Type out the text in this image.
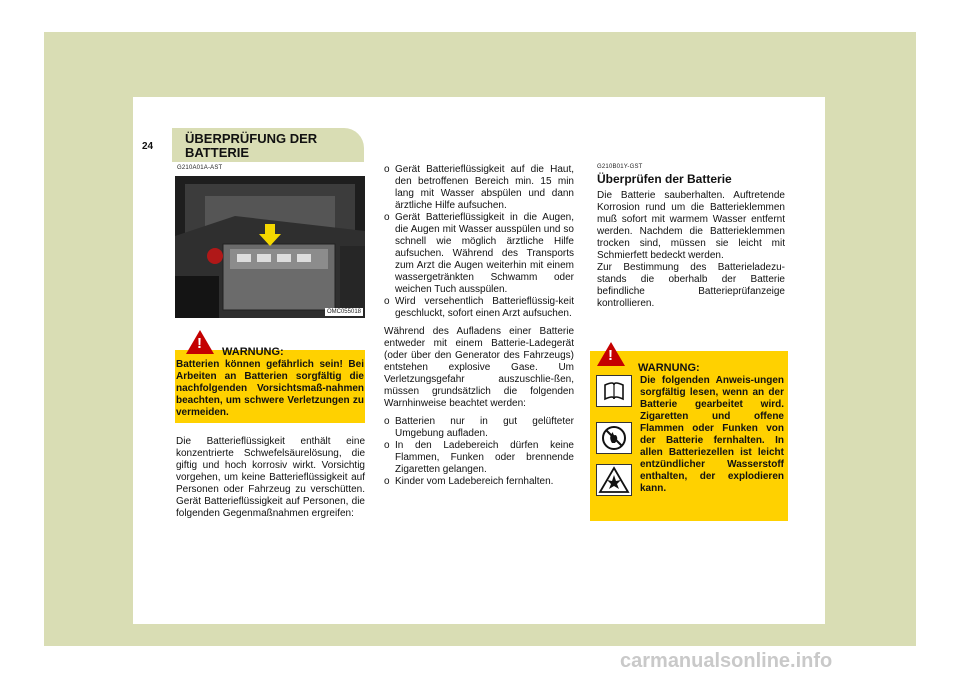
6 SELBSTHILFE
24
ÜBERPRÜFUNG DER BATTERIE
G210A01A-AST
OMC055018
! WARNUNG:
Batterien können gefährlich sein! Bei Arbeiten an Batterien sorgfältig die nachfolgenden Vorsichtsmaß-nahmen beachten, um schwere Verletzungen zu vermeiden.
Die Batterieflüssigkeit enthält eine konzentrierte Schwefelsäurelösung, die giftig und hoch korrosiv wirkt. Vorsichtig vorgehen, um keine Batterieflüssigkeit auf Personen oder Fahrzeug zu verschütten. Gerät Batterieflüssigkeit auf Personen, die folgenden Gegenmaßnahmen ergreifen:
o Gerät Batterieflüssigkeit auf die Haut, den betroffenen Bereich min. 15 min lang mit Wasser abspülen und dann ärztliche Hilfe aufsuchen.
o Gerät Batterieflüssigkeit in die Augen, die Augen mit Wasser ausspülen und so schnell wie möglich ärztliche Hilfe aufsuchen. Während des Transports zum Arzt die Augen weiterhin mit einem wassergetränkten Schwamm oder weichen Tuch ausspülen.
o Wird versehentlich Batterieflüssig-keit geschluckt, sofort einen Arzt aufsuchen.

Während des Aufladens einer Batterie entweder mit einem Batterie-Ladegerät (oder über den Generator des Fahrzeugs) entstehen explosive Gase. Um Verletzungsgefahr auszuschlie-ßen, müssen grundsätzlich die folgenden Warnhinweise beachtet werden:

o Batterien nur in gut gelüfteter Umgebung aufladen.
o In den Ladebereich dürfen keine Flammen, Funken oder brennende Zigaretten gelangen.
o Kinder vom Ladebereich fernhalten.
G210B01Y-GST
Überprüfen der Batterie

Die Batterie sauberhalten. Auftretende Korrosion rund um die Batterieklemmen muß sofort mit warmem Wasser entfernt werden. Nachdem die Batterieklemmen trocken sind, müssen sie leicht mit Schmierfett bedeckt werden.

Zur Bestimmung des Batterieladezu-stands die oberhalb der Batterie befindliche Batterieprüfanzeige kontrollieren.

!
WARNUNG:
Die folgenden Anweis-ungen sorgfältig lesen, wenn an der Batterie gearbeitet wird. Zigaretten und offene Flammen oder Funken von der Batterie fernhalten. In allen Batteriezellen ist leicht entzündlicher Wasserstoff enthalten, der explodieren kann.
carmanualsonline.info
